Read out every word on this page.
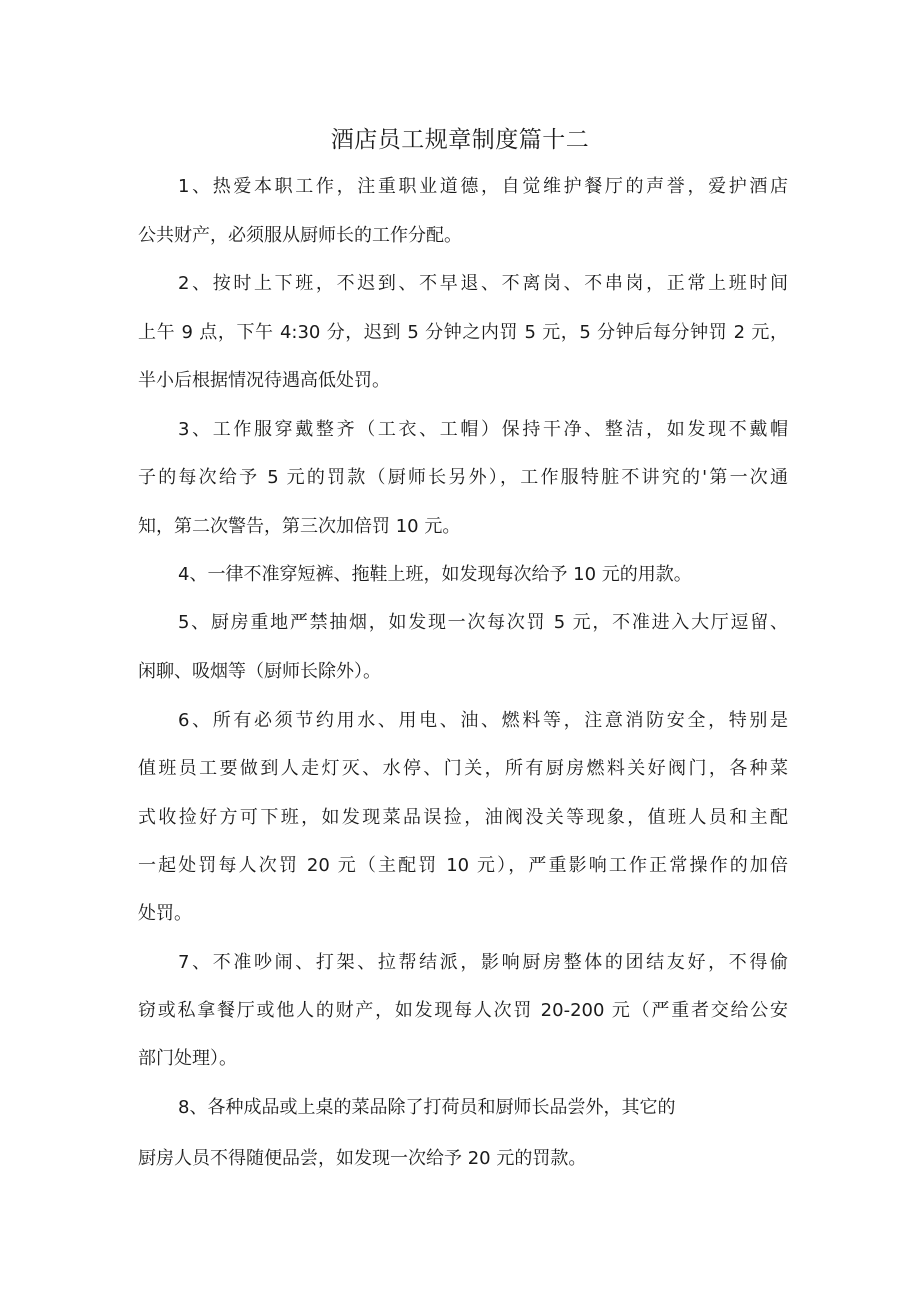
酒店员工规章制度篇十二
1、热爱本职工作，注重职业道德，自觉维护餐厅的声誉，爱护酒店
公共财产，必须服从厨师长的工作分配。
2、按时上下班，不迟到、不早退、不离岗、不串岗，正常上班时间
上午 9 点，下午 4:30 分，迟到 5 分钟之内罚 5 元，5 分钟后每分钟罚 2 元，
半小后根据情况待遇高低处罚。
3、工作服穿戴整齐（工衣、工帽）保持干净、整洁，如发现不戴帽
子的每次给予 5 元的罚款（厨师长另外），工作服特脏不讲究的'第一次通
知，第二次警告，第三次加倍罚 10 元。
4、一律不准穿短裤、拖鞋上班，如发现每次给予 10 元的用款。
5、厨房重地严禁抽烟，如发现一次每次罚 5 元，不准进入大厅逗留、
闲聊、吸烟等（厨师长除外）。
6、所有必须节约用水、用电、油、燃料等，注意消防安全，特别是
值班员工要做到人走灯灭、水停、门关，所有厨房燃料关好阀门，各种菜
式收捡好方可下班，如发现菜品误捡，油阀没关等现象，值班人员和主配
一起处罚每人次罚 20 元（主配罚 10 元），严重影响工作正常操作的加倍
处罚。
7、不准吵闹、打架、拉帮结派，影响厨房整体的团结友好，不得偷
窃或私拿餐厅或他人的财产，如发现每人次罚 20-200 元（严重者交给公安
部门处理）。
8、各种成品或上桌的菜品除了打荷员和厨师长品尝外，其它的
厨房人员不得随便品尝，如发现一次给予 20 元的罚款。
